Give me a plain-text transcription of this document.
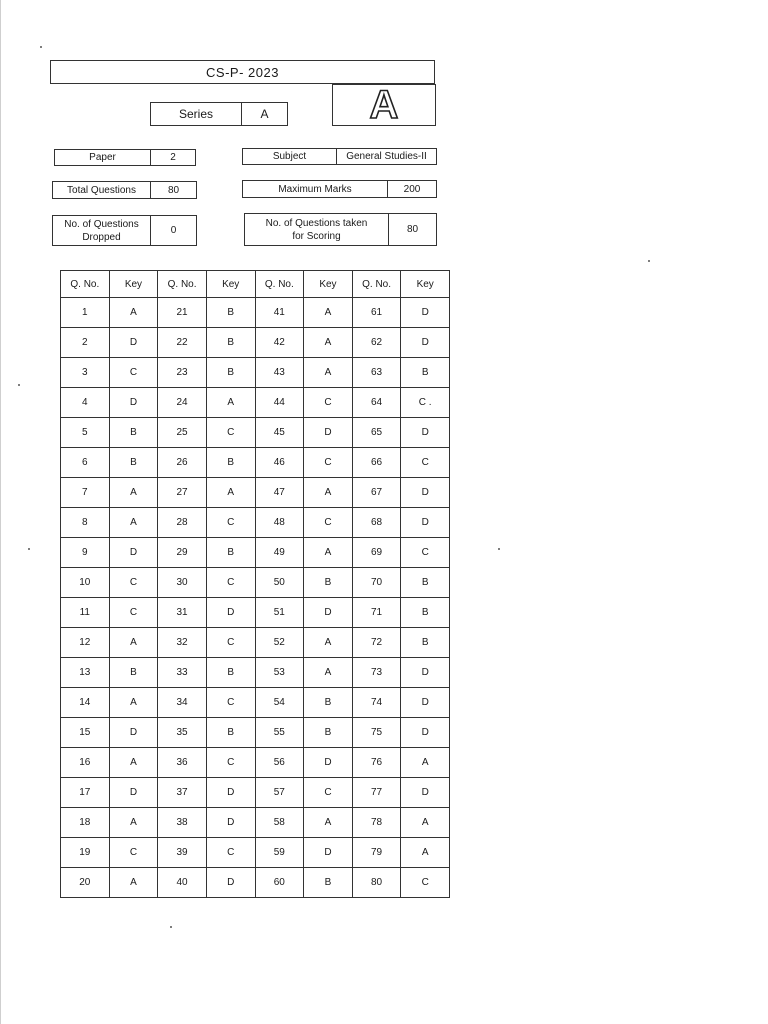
CS-P- 2023
Series	A	A
Paper	2	Subject	General Studies-II
Total Questions	80	Maximum Marks	200
No. of Questions Dropped
0
No. of Questions taken for Scoring
80
Q. No.	Key	Q. No.	Key	Q. No.	Key	Q. No.	Key
1	A	21	B	41	A	61	D
2	D	22	B	42	A	62	D
3	C	23	B	43	A	63	B
4	D	24	A	44	C	64	C .
5	B	25	C	45	D	65	D
6	B	26	B	46	C	66	C
7	A	27	A	47	A	67	D
8	A	28	C	48	C	68	D
9	D	29	B	49	A	69	C
10	C	30	C	50	B	70	B
11	C	31	D	51	D	71	B
12	A	32	C	52	A	72	B
13	B	33	B	53	A	73	D
14	A	34	C	54	B	74	D
15	D	35	B	55	B	75	D
16	A	36	C	56	D	76	A
17	D	37	D	57	C	77	D
18	A	38	D	58	A	78	A
19	C	39	C	59	D	79	A
20	A	40	D	60	B	80	C
